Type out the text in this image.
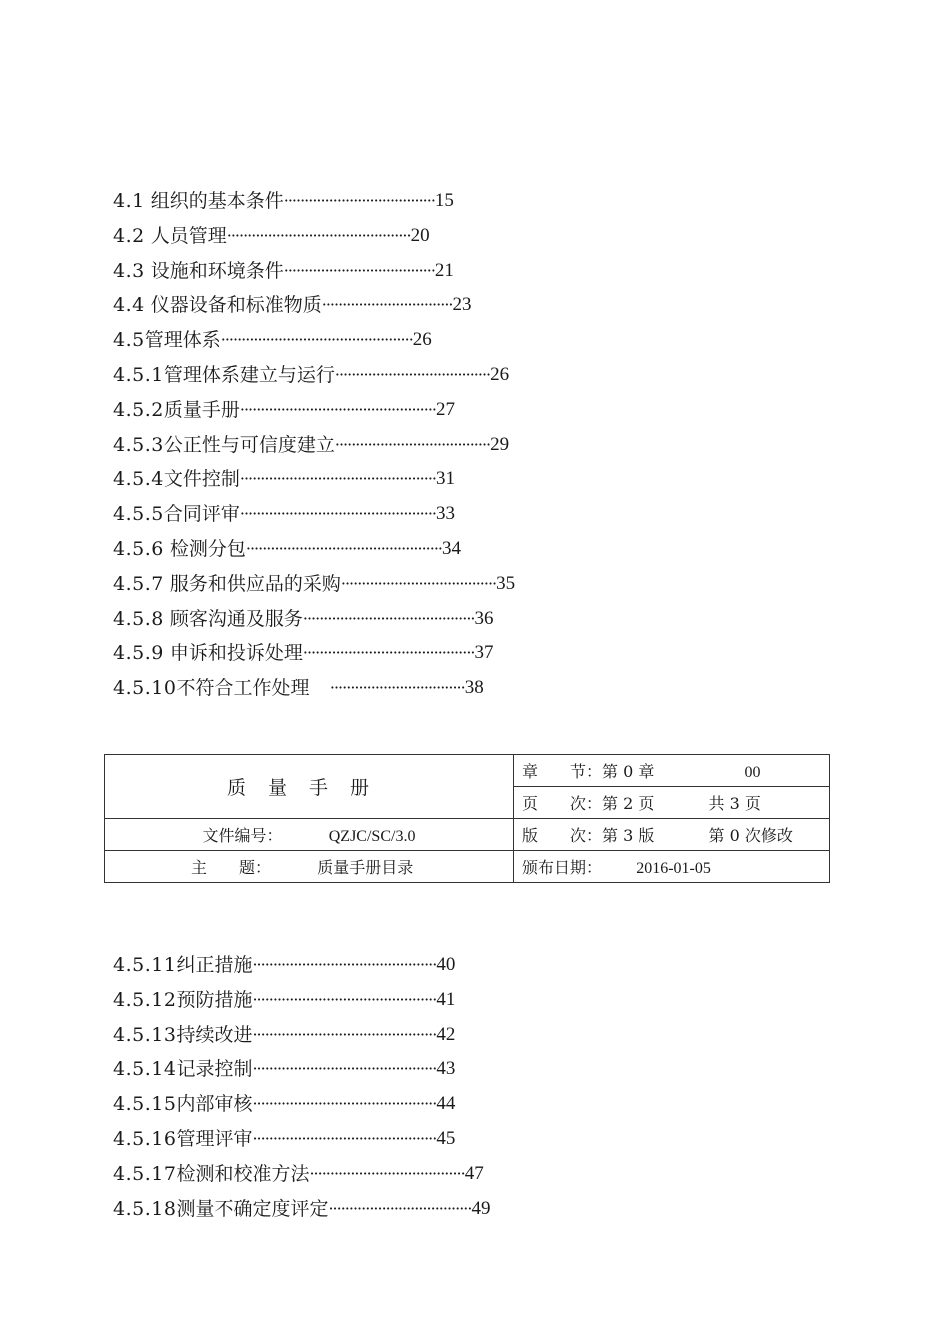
4.1 组织的基本条件 ····································· 15
4.2 人员管理 ············································· 20
4.3 设施和环境条件 ····································· 21
4.4 仪器设备和标准物质 ································ 23
4.5 管理体系 ··············································· 26
4.5.1 管理体系建立与运行 ······································ 26
4.5.2 质量手册 ················································ 27
4.5.3 公正性与可信度建立 ······································ 29
4.5.4 文件控制 ················································ 31
4.5.5 合同评审 ················································ 33
4.5.6 检测分包 ················································ 34
4.5.7 服务和供应品的采购 ······································ 35
4.5.8 顾客沟通及服务 ·········································· 36
4.5.9 申诉和投诉处理 ·········································· 37
4.5.10 不符合工作处理 ································· 38
质量手册	章　　节：第 0 章 00
	页　　次：第 2 页 共 3 页
文件编号： QZJC/SC/3.0	版　　次：第 3 版 第 0 次修改
主　　题： 质量手册目录	颁布日期： 2016-01-05
4.5.11 纠正措施 ············································· 40
4.5.12 预防措施 ············································· 41
4.5.13 持续改进 ············································· 42
4.5.14 记录控制 ············································· 43
4.5.15 内部审核 ············································· 44
4.5.16 管理评审 ············································· 45
4.5.17 检测和校准方法 ······································ 47
4.5.18 测量不确定度评定 ··································· 49
